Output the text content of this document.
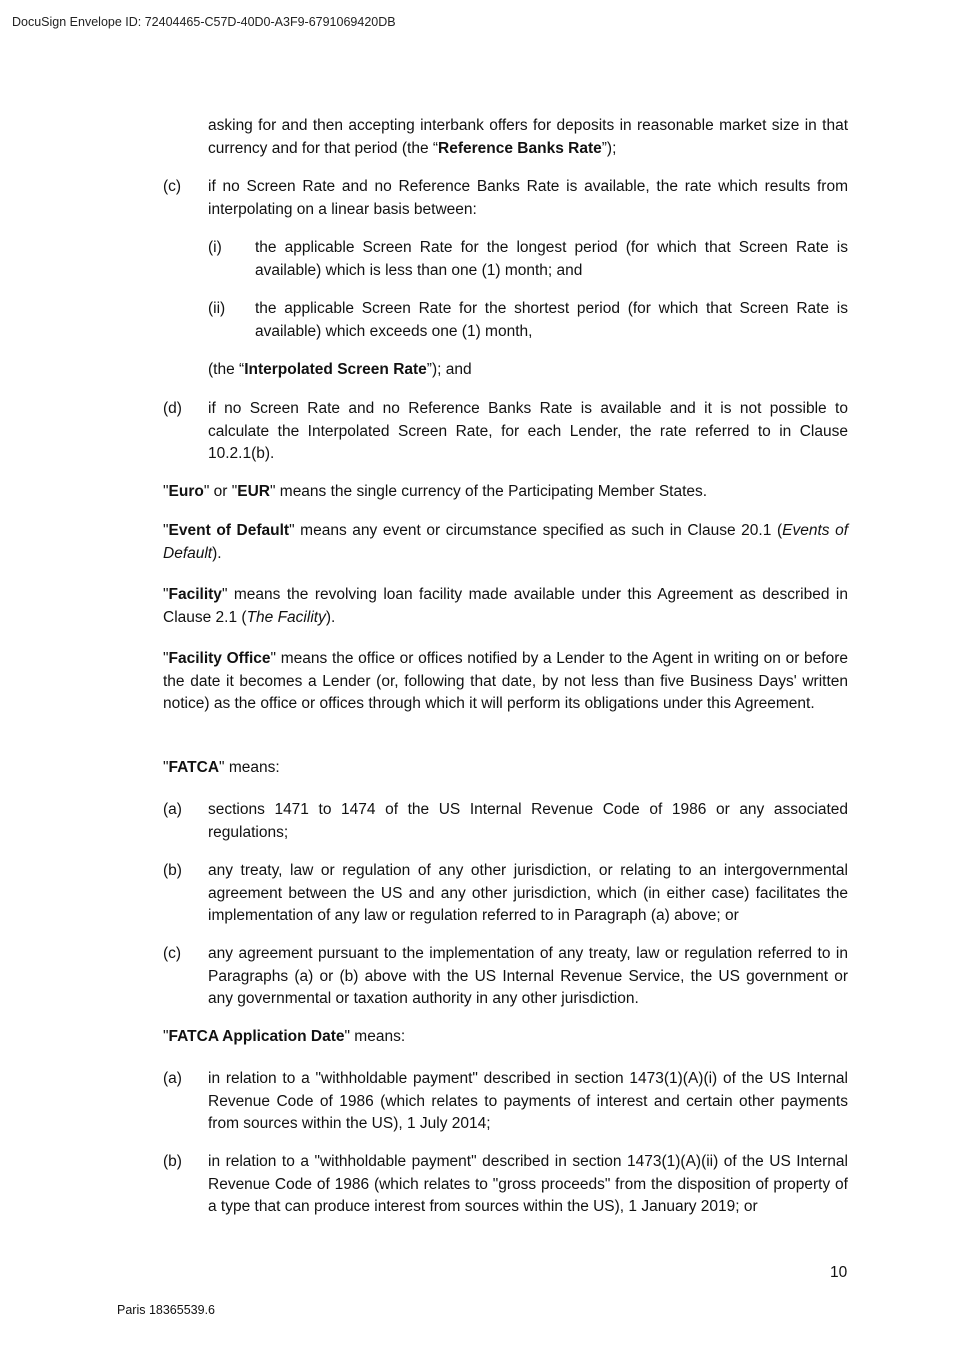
DocuSign Envelope ID: 72404465-C57D-40D0-A3F9-6791069420DB

asking for and then accepting interbank offers for deposits in reasonable market size in that currency and for that period (the “Reference Banks Rate”);

(c) if no Screen Rate and no Reference Banks Rate is available, the rate which results from interpolating on a linear basis between:

(i) the applicable Screen Rate for the longest period (for which that Screen Rate is available) which is less than one (1) month; and

(ii) the applicable Screen Rate for the shortest period (for which that Screen Rate is available) which exceeds one (1) month,

(the “Interpolated Screen Rate”); and

(d) if no Screen Rate and no Reference Banks Rate is available and it is not possible to calculate the Interpolated Screen Rate, for each Lender, the rate referred to in Clause 10.2.1(b).

"Euro" or "EUR" means the single currency of the Participating Member States.

"Event of Default" means any event or circumstance specified as such in Clause 20.1 (Events of Default).

"Facility" means the revolving loan facility made available under this Agreement as described in Clause 2.1 (The Facility).

"Facility Office" means the office or offices notified by a Lender to the Agent in writing on or before the date it becomes a Lender (or, following that date, by not less than five Business Days' written notice) as the office or offices through which it will perform its obligations under this Agreement.

"FATCA" means:

(a) sections 1471 to 1474 of the US Internal Revenue Code of 1986 or any associated regulations;

(b) any treaty, law or regulation of any other jurisdiction, or relating to an intergovernmental agreement between the US and any other jurisdiction, which (in either case) facilitates the implementation of any law or regulation referred to in Paragraph (a) above; or

(c) any agreement pursuant to the implementation of any treaty, law or regulation referred to in Paragraphs (a) or (b) above with the US Internal Revenue Service, the US government or any governmental or taxation authority in any other jurisdiction.

"FATCA Application Date" means:

(a) in relation to a "withholdable payment" described in section 1473(1)(A)(i) of the US Internal Revenue Code of 1986 (which relates to payments of interest and certain other payments from sources within the US), 1 July 2014;

(b) in relation to a "withholdable payment" described in section 1473(1)(A)(ii) of the US Internal Revenue Code of 1986 (which relates to "gross proceeds" from the disposition of property of a type that can produce interest from sources within the US), 1 January 2019; or

10
Paris 18365539.6
